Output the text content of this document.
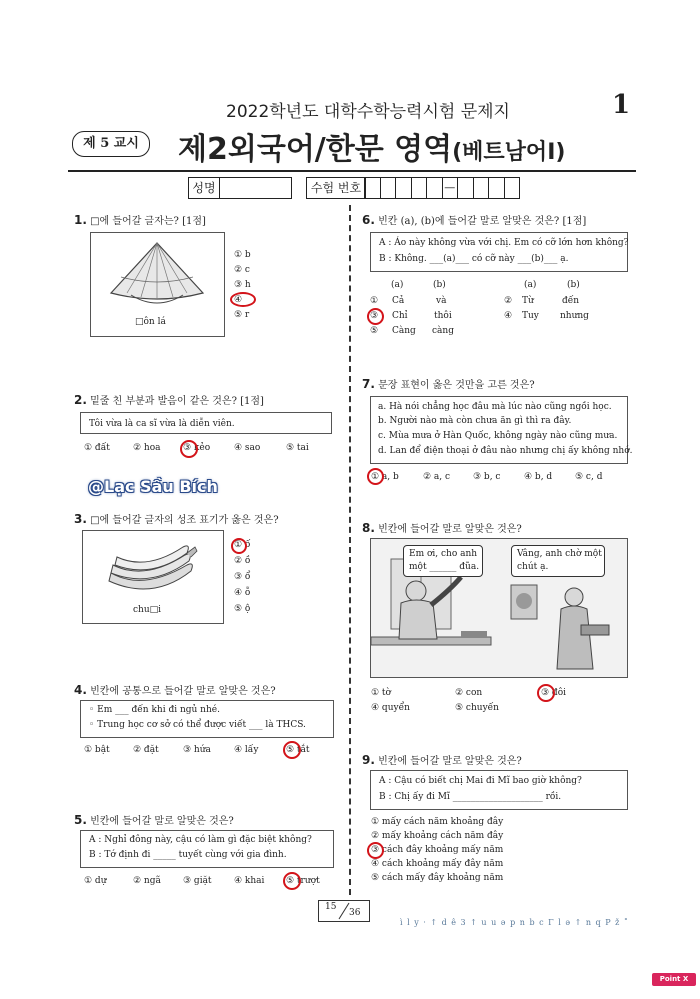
2022학년도 대학수학능력시험 문제지	1
제 5 교시	제2외국어/한문 영역(베트남어Ⅰ)
성명	수험 번호	—
1. □에 들어갈 글자는? [1점]
□ôn lá
① b
② c
③ h
④
⑤ r
2. 밑줄 친 부분과 발음이 같은 것은? [1점]
Tôi vừa là ca sĩ vừa là diễn viên.
① đất	② hoa ③ kẻo	④ sao	⑤ tai
@Lạc Sầu Bích
3. □에 들어갈 글자의 성조 표기가 옳은 것은?
chu□i
① ố
② ồ
③ ổ
④ ỗ
⑤ ộ
4. 빈칸에 공통으로 들어갈 말로 알맞은 것은?
◦ Em ___ đến khi đi ngủ nhé.
◦ Trung học cơ sở có thể được viết ___ là THCS.
① bật	② đặt	③ hứa	④ lấy	⑤ tắt
5. 빈칸에 들어갈 말로 알맞은 것은?
A : Nghỉ đông này, cậu có làm gì đặc biệt không?
B : Tớ định đi _____ tuyết cùng với gia đình.
① dự	② ngã ③ giặt ④ khai ⑤ trượt
6. 빈칸 (a), (b)에 들어갈 말로 알맞은 것은? [1점]
A : Áo này không vừa với chị. Em có cỡ lớn hơn không?
B : Không. ___(a)___ có cỡ này ___(b)___ ạ.
(a)	(b)	(a)	(b)
① Cả	và	② Từ	đến
③ Chỉ	thôi	④ Tuy nhưng
⑤ Càng càng
7. 문장 표현이 옳은 것만을 고른 것은?
a. Hà nói chẳng học đâu mà lúc nào cũng ngồi học.
b. Người nào mà còn chưa ăn gì thì ra đây.
c. Mùa mưa ở Hàn Quốc, không ngày nào cũng mưa.
d. Lan để điện thoại ở đâu nào nhưng chị ấy không nhớ.
① a, b	② a, c	③ b, c	④ b, d	⑤ c, d
8. 빈칸에 들어갈 말로 알맞은 것은?
Em ơi, cho anh
một ______ đũa.
Vâng, anh chờ một
chút ạ.
① tờ	② con	③ đôi
④ quyển	⑤ chuyến
9. 빈칸에 들어갈 말로 알맞은 것은?
A : Cậu có biết chị Mai đi Mĩ bao giờ không?
B : Chị ấy đi Mĩ ____________________ rồi.
① mấy cách năm khoảng đây
② mấy khoảng cách năm đây
③ cách đây khoảng mấy năm
④ cách khoảng mấy đây năm
⑤ cách mấy đây khoảng năm
15
36
ì l y · ↑ d ê 3 ↑ u u ə p n b c Γ l ə ↑ n q P ž ˚
Point X Lite
